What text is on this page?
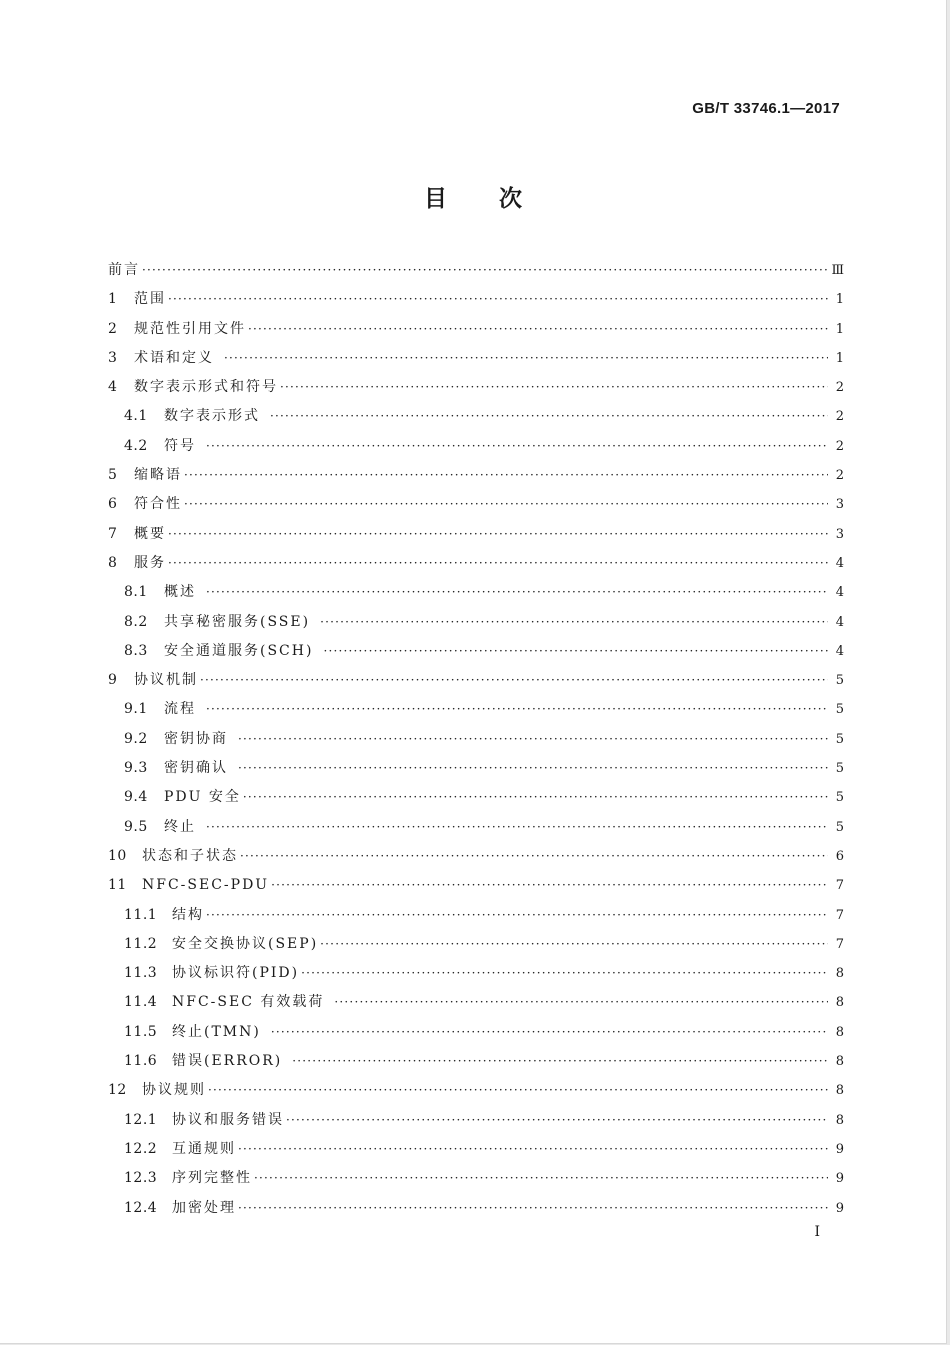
GB/T 33746.1—2017
目次
前言 ·····	Ⅲ
1	范围 ·····	1
2	规范性引用文件 ·····	1
3	术语和定义 ·····	1
4	数字表示形式和符号 ·····	2
4.1	数字表示形式 ·····	2
4.2	符号 ·····	2
5	缩略语 ·····	2
6	符合性 ·····	3
7	概要 ·····	3
8	服务 ·····	4
8.1	概述 ·····	4
8.2	共享秘密服务(SSE) ·····	4
8.3	安全通道服务(SCH) ·····	4
9	协议机制 ·····	5
9.1	流程 ·····	5
9.2	密钥协商 ·····	5
9.3	密钥确认 ·····	5
9.4	PDU 安全 ·····	5
9.5	终止 ·····	5
10	状态和子状态 ·····	6
11	NFC-SEC-PDU ·····	7
11.1	结构 ·····	7
11.2	安全交换协议(SEP) ·····	7
11.3	协议标识符(PID) ·····	8
11.4	NFC-SEC 有效载荷 ·····	8
11.5	终止(TMN) ·····	8
11.6	错误(ERROR) ·····	8
12	协议规则 ·····	8
12.1	协议和服务错误 ·····	8
12.2	互通规则 ·····	9
12.3	序列完整性 ·····	9
12.4	加密处理 ·····	9
I
